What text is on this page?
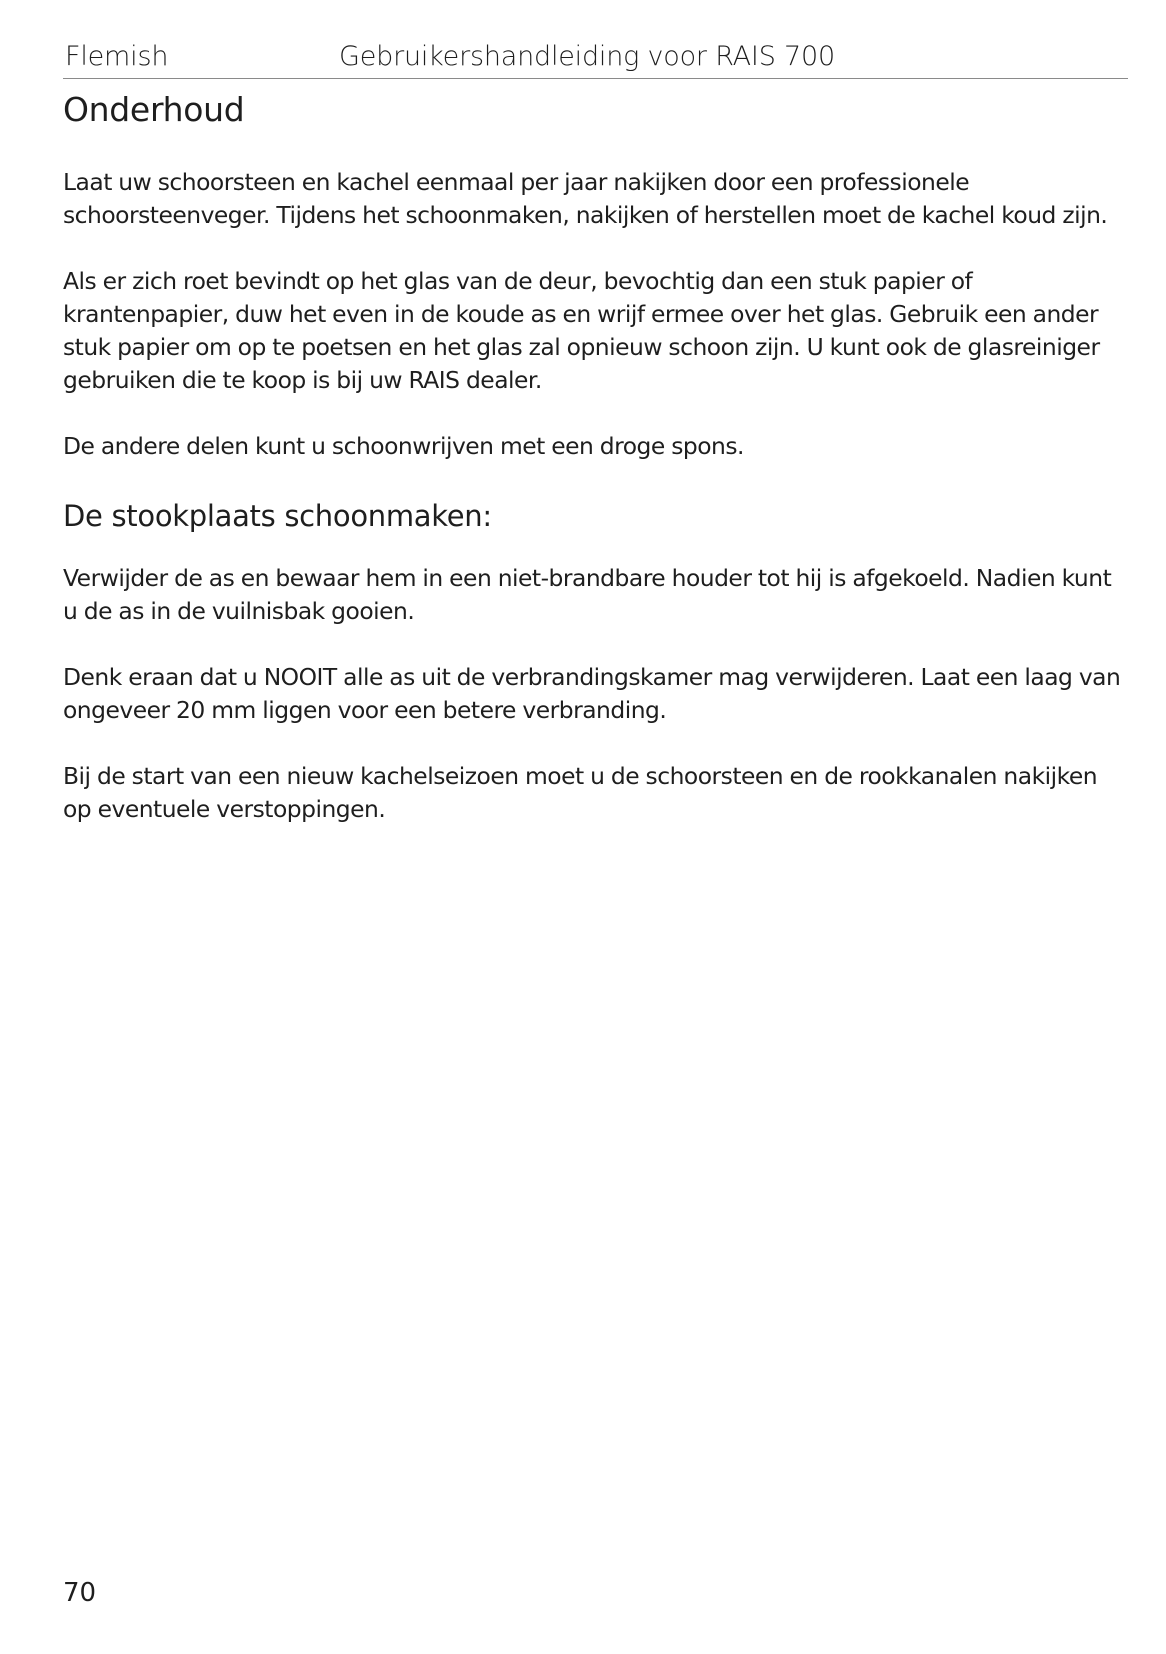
Flemish	Gebruikershandleiding voor RAIS 700
Onderhoud

Laat uw schoorsteen en kachel eenmaal per jaar nakijken door een professionele schoorsteenveger. Tijdens het schoonmaken, nakijken of herstellen moet de kachel koud zijn.

Als er zich roet bevindt op het glas van de deur, bevochtig dan een stuk papier of krantenpapier, duw het even in de koude as en wrijf ermee over het glas. Gebruik een ander stuk papier om op te poetsen en het glas zal opnieuw schoon zijn. U kunt ook de glasreiniger gebruiken die te koop is bij uw RAIS dealer.

De andere delen kunt u schoonwrijven met een droge spons.

De stookplaats schoonmaken:

Verwijder de as en bewaar hem in een niet-brandbare houder tot hij is afgekoeld. Nadien kunt u de as in de vuilnisbak gooien.

Denk eraan dat u NOOIT alle as uit de verbrandingskamer mag verwijderen. Laat een laag van ongeveer 20 mm liggen voor een betere verbranding.

Bij de start van een nieuw kachelseizoen moet u de schoorsteen en de rookkanalen nakijken op eventuele verstoppingen.

70
